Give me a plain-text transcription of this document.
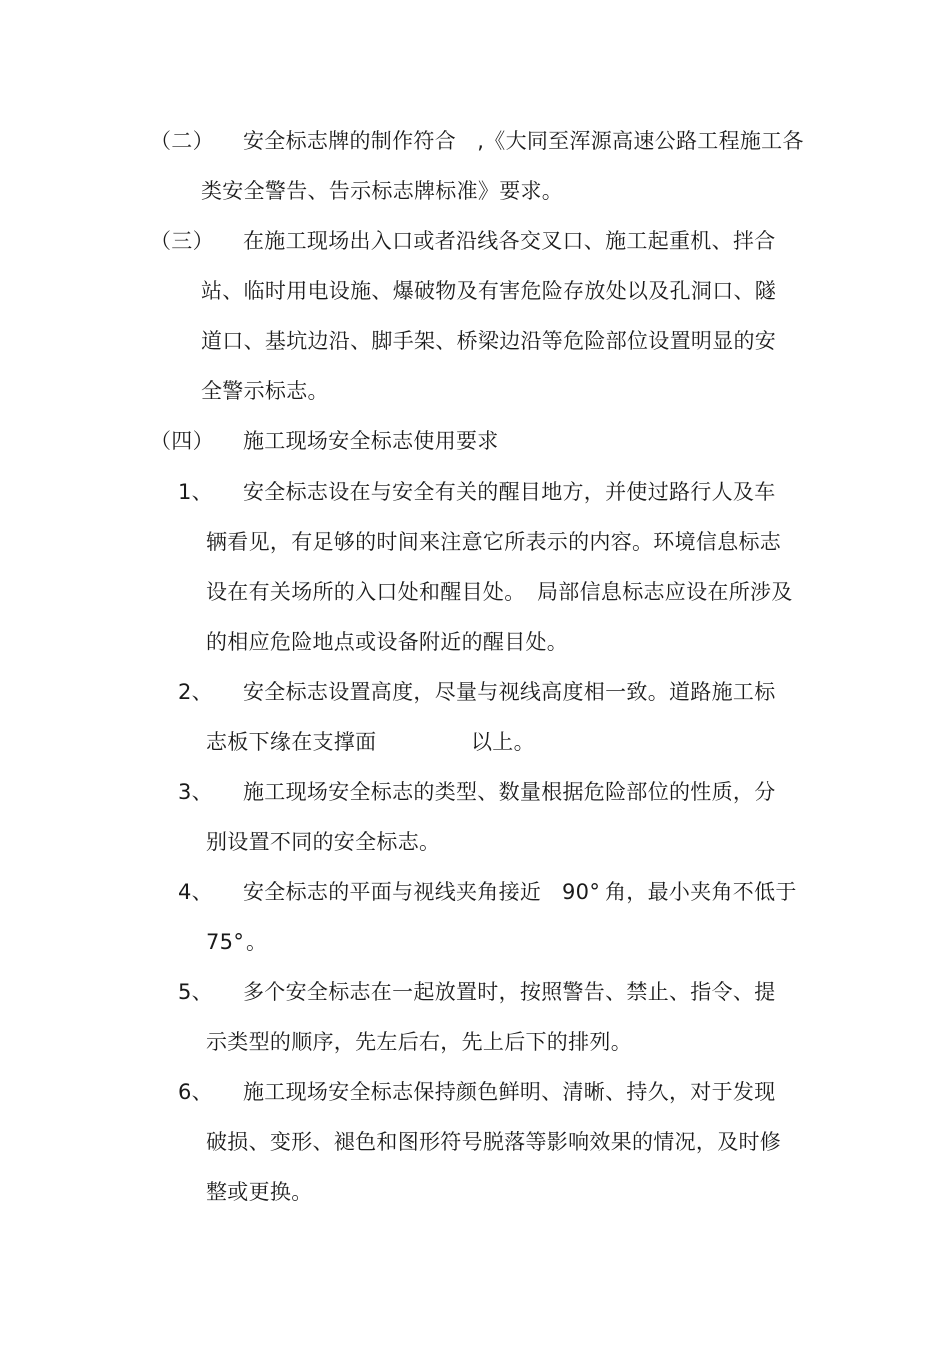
（二） 安全标志牌的制作符合　,《大同至浑源高速公路工程施工各
类安全警告、告示标志牌标准》要求。
（三） 在施工现场出入口或者沿线各交叉口、施工起重机、拌合
站、临时用电设施、爆破物及有害危险存放处以及孔洞口、隧
道口、基坑边沿、脚手架、桥梁边沿等危险部位设置明显的安
全警示标志。
（四） 施工现场安全标志使用要求
1、 安全标志设在与安全有关的醒目地方，并使过路行人及车
辆看见，有足够的时间来注意它所表示的内容。环境信息标志
设在有关场所的入口处和醒目处。 局部信息标志应设在所涉及
的相应危险地点或设备附近的醒目处。
2、 安全标志设置高度，尽量与视线高度相一致。道路施工标
志板下缘在支撑面	以上。
3、 施工现场安全标志的类型、数量根据危险部位的性质，分
别设置不同的安全标志。
4、 安全标志的平面与视线夹角接近 90° 角，最小夹角不低于
75° 。
5、 多个安全标志在一起放置时，按照警告、禁止、指令、提
示类型的顺序，先左后右，先上后下的排列。
6、 施工现场安全标志保持颜色鲜明、清晰、持久，对于发现
破损、变形、褪色和图形符号脱落等影响效果的情况，及时修
整或更换。
